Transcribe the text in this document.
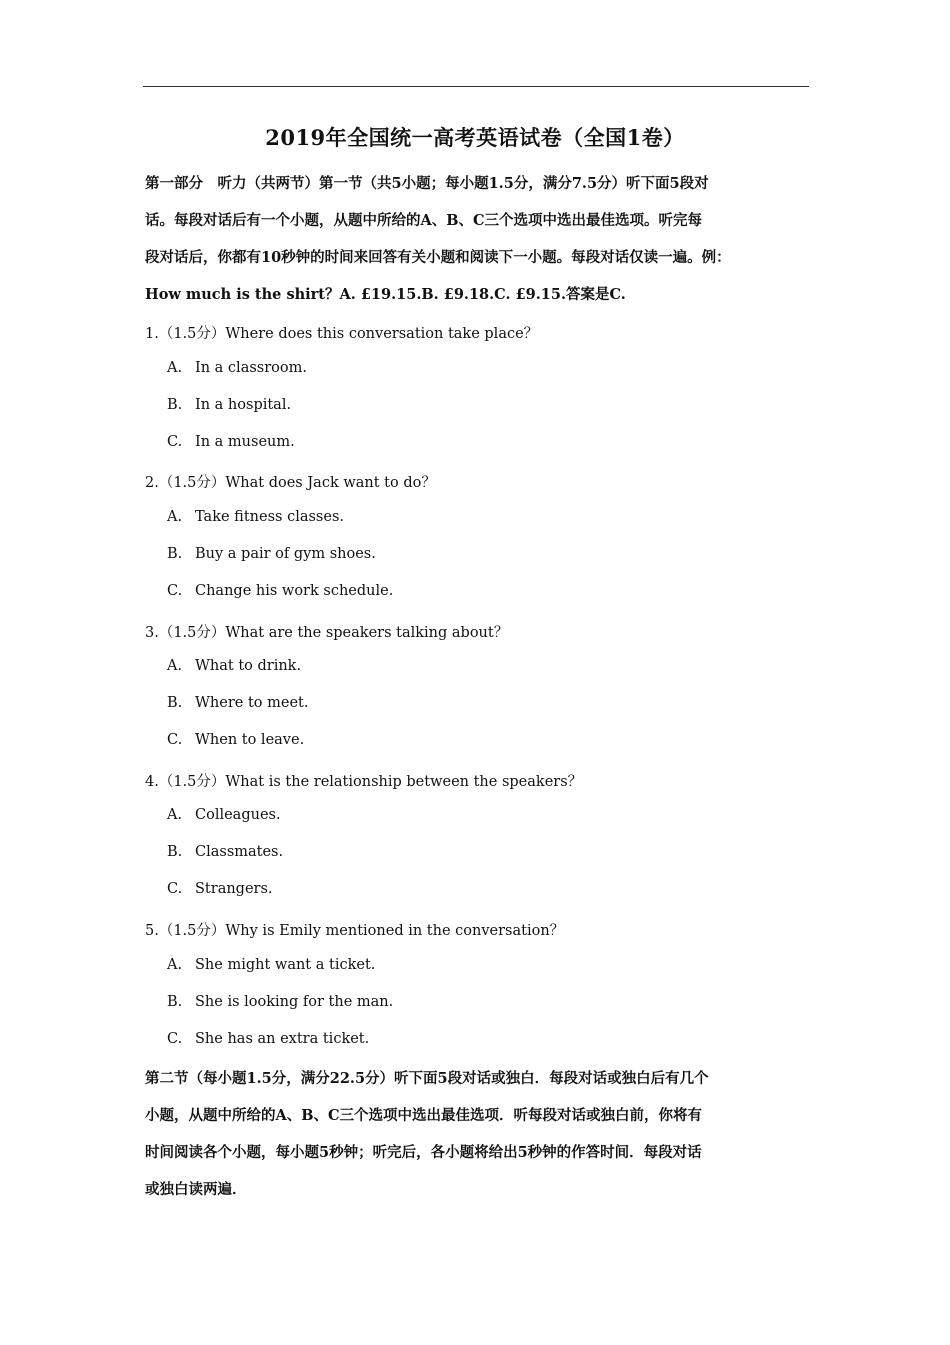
2019年全国统一高考英语试卷（全国1卷）

第一部分　听力（共两节）第一节（共5小题；每小题1.5分，满分7.5分）听下面5段对

话。每段对话后有一个小题，从题中所给的A、B、C三个选项中选出最佳选项。听完每

段对话后，你都有10秒钟的时间来回答有关小题和阅读下一小题。每段对话仅读一遍。例：

How much is the shirt？A. £19.15.B. £9.18.C. £9.15.答案是C.

1.（1.5分）Where does this conversation take place？
A. In a classroom.
B. In a hospital.
C. In a museum.
2.（1.5分）What does Jack want to do？
A. Take fitness classes.
B. Buy a pair of gym shoes.
C. Change his work schedule.
3.（1.5分）What are the speakers talking about？
A. What to drink.
B. Where to meet.
C. When to leave.
4.（1.5分）What is the relationship between the speakers？
A. Colleagues.
B. Classmates.
C. Strangers.
5.（1.5分）Why is Emily mentioned in the conversation？
A. She might want a ticket.
B. She is looking for the man.
C. She has an extra ticket.

第二节（每小题1.5分，满分22.5分）听下面5段对话或独白．每段对话或独白后有几个

小题，从题中所给的A、B、C三个选项中选出最佳选项．听每段对话或独白前，你将有

时间阅读各个小题，每小题5秒钟；听完后，各小题将给出5秒钟的作答时间．每段对话

或独白读两遍．
